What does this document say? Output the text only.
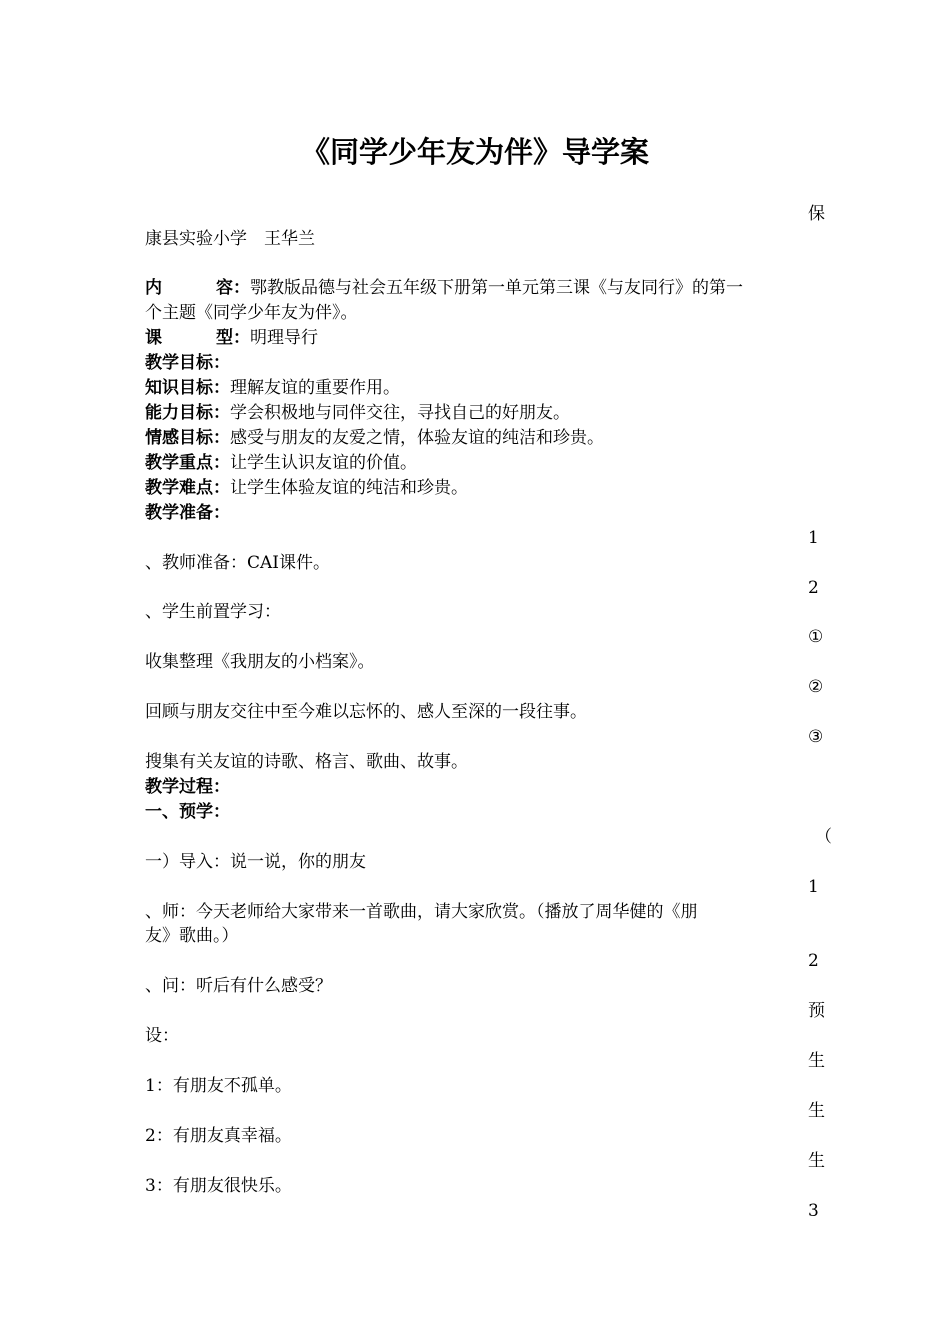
《同学少年友为伴》导学案
保
康县实验小学　王华兰
内　　容：鄂教版品德与社会五年级下册第一单元第三课《与友同行》的第一
个主题《同学少年友为伴》。
课　　型：明理导行
教学目标：
知识目标：理解友谊的重要作用。
能力目标：学会积极地与同伴交往，寻找自己的好朋友。
情感目标：感受与朋友的友爱之情，体验友谊的纯洁和珍贵。
教学重点：让学生认识友谊的价值。
教学难点：让学生体验友谊的纯洁和珍贵。
教学准备：
1
、教师准备：CAI课件。
2
、学生前置学习：
①
收集整理《我朋友的小档案》。
②
回顾与朋友交往中至今难以忘怀的、感人至深的一段往事。
③
搜集有关友谊的诗歌、格言、歌曲、故事。
教学过程：
一、预学：
（
一）导入：说一说，你的朋友
1
、师：今天老师给大家带来一首歌曲，请大家欣赏。（播放了周华健的《朋
友》歌曲。）
2
、问：听后有什么感受？
预
设：
生
1：有朋友不孤单。
生
2：有朋友真幸福。
生
3：有朋友很快乐。
3
